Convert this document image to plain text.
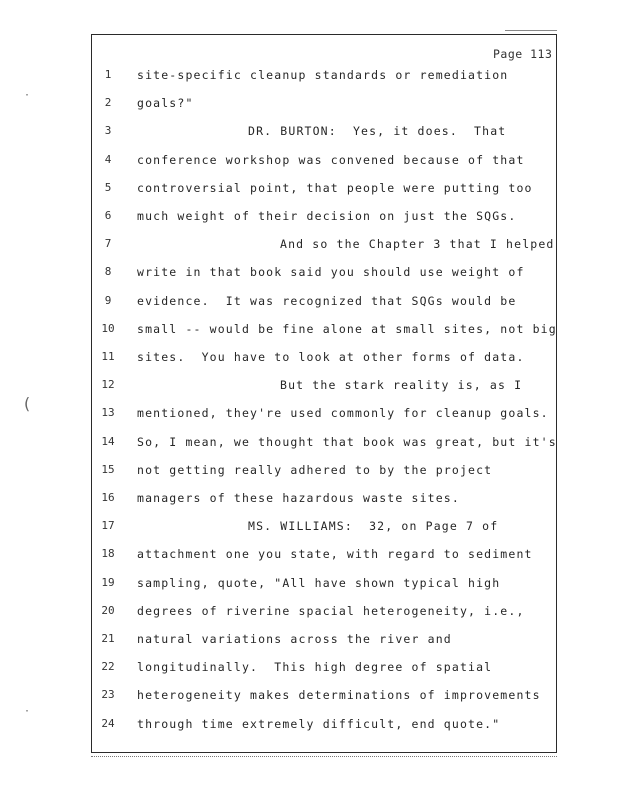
Page 113
1	site-specific cleanup standards or remediation
2	goals?"
3	DR. BURTON:  Yes, it does.  That
4	conference workshop was convened because of that
5	controversial point, that people were putting too
6	much weight of their decision on just the SQGs.
7	And so the Chapter 3 that I helped
8	write in that book said you should use weight of
9	evidence.  It was recognized that SQGs would be
10 small -- would be fine alone at small sites, not big
11 sites.  You have to look at other forms of data.
12	But the stark reality is, as I
13 mentioned, they're used commonly for cleanup goals.
14 So, I mean, we thought that book was great, but it's
15 not getting really adhered to by the project
16 managers of these hazardous waste sites.
17	MS. WILLIAMS:  32, on Page 7 of
18 attachment one you state, with regard to sediment
19 sampling, quote, "All have shown typical high
20 degrees of riverine spacial heterogeneity, i.e.,
21 natural variations across the river and
22 longitudinally.  This high degree of spatial
23 heterogeneity makes determinations of improvements
24 through time extremely difficult, end quote."
·
(
·
